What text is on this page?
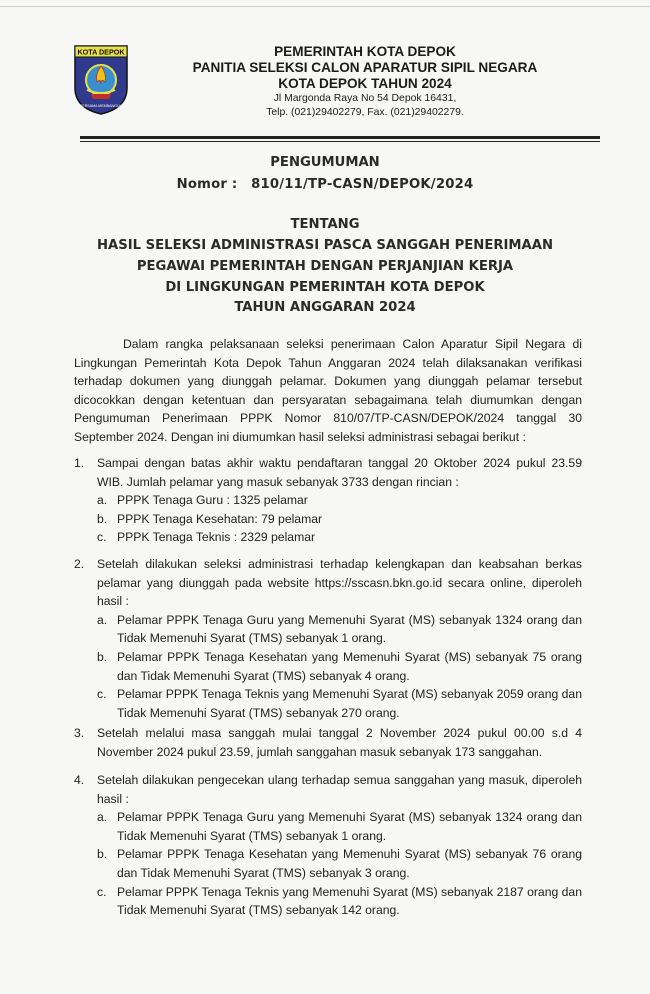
KOTA DEPOK
BERSAMA MEMBANGUN
PEMERINTAH KOTA DEPOK
PANITIA SELEKSI CALON APARATUR SIPIL NEGARA
KOTA DEPOK TAHUN 2024
Jl Margonda Raya No 54 Depok 16431,
Telp. (021)29402279, Fax. (021)29402279.
PENGUMUMAN
Nomor : 810/11/TP-CASN/DEPOK/2024
TENTANG
HASIL SELEKSI ADMINISTRASI PASCA SANGGAH PENERIMAAN
PEGAWAI PEMERINTAH DENGAN PERJANJIAN KERJA
DI LINGKUNGAN PEMERINTAH KOTA DEPOK
TAHUN ANGGARAN 2024
Dalam rangka pelaksanaan seleksi penerimaan Calon Aparatur Sipil Negara di Lingkungan Pemerintah Kota Depok Tahun Anggaran 2024 telah dilaksanakan verifikasi terhadap dokumen yang diunggah pelamar. Dokumen yang diunggah pelamar tersebut dicocokkan dengan ketentuan dan persyaratan sebagaimana telah diumumkan dengan Pengumuman Penerimaan PPPK Nomor 810/07/TP-CASN/DEPOK/2024 tanggal 30 September 2024. Dengan ini diumumkan hasil seleksi administrasi sebagai berikut :
1. Sampai dengan batas akhir waktu pendaftaran tanggal 20 Oktober 2024 pukul 23.59 WIB. Jumlah pelamar yang masuk sebanyak 3733 dengan rincian :
a. PPPK Tenaga Guru : 1325 pelamar
b. PPPK Tenaga Kesehatan: 79 pelamar
c. PPPK Tenaga Teknis : 2329 pelamar
2. Setelah dilakukan seleksi administrasi terhadap kelengkapan dan keabsahan berkas pelamar yang diunggah pada website https://sscasn.bkn.go.id secara online, diperoleh hasil :
a. Pelamar PPPK Tenaga Guru yang Memenuhi Syarat (MS) sebanyak 1324 orang dan Tidak Memenuhi Syarat (TMS) sebanyak 1 orang.
b. Pelamar PPPK Tenaga Kesehatan yang Memenuhi Syarat (MS) sebanyak 75 orang dan Tidak Memenuhi Syarat (TMS) sebanyak 4 orang.
c. Pelamar PPPK Tenaga Teknis yang Memenuhi Syarat (MS) sebanyak 2059 orang dan Tidak Memenuhi Syarat (TMS) sebanyak 270 orang.
3. Setelah melalui masa sanggah mulai tanggal 2 November 2024 pukul 00.00 s.d 4 November 2024 pukul 23.59, jumlah sanggahan masuk sebanyak 173 sanggahan.
4. Setelah dilakukan pengecekan ulang terhadap semua sanggahan yang masuk, diperoleh hasil :
a. Pelamar PPPK Tenaga Guru yang Memenuhi Syarat (MS) sebanyak 1324 orang dan Tidak Memenuhi Syarat (TMS) sebanyak 1 orang.
b. Pelamar PPPK Tenaga Kesehatan yang Memenuhi Syarat (MS) sebanyak 76 orang dan Tidak Memenuhi Syarat (TMS) sebanyak 3 orang.
c. Pelamar PPPK Tenaga Teknis yang Memenuhi Syarat (MS) sebanyak 2187 orang dan Tidak Memenuhi Syarat (TMS) sebanyak 142 orang.
